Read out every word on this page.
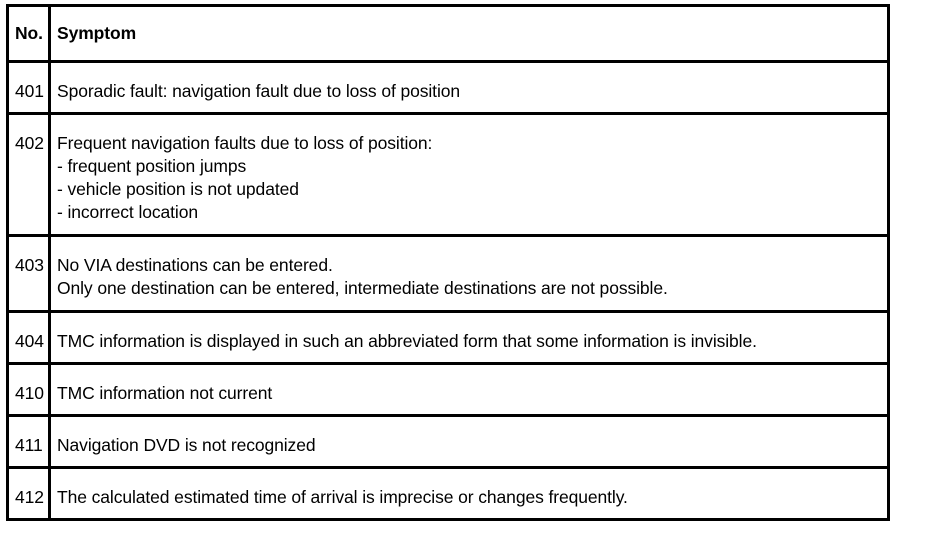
No.	Symptom

401	Sporadic fault: navigation fault due to loss of position
402	Frequent navigation faults due to loss of position:
- frequent position jumps
- vehicle position is not updated
- incorrect location
403	No VIA destinations can be entered.
Only one destination can be entered, intermediate destinations are not possible.
404	TMC information is displayed in such an abbreviated form that some information is invisible.
410	TMC information not current
411	Navigation DVD is not recognized
412	The calculated estimated time of arrival is imprecise or changes frequently.
